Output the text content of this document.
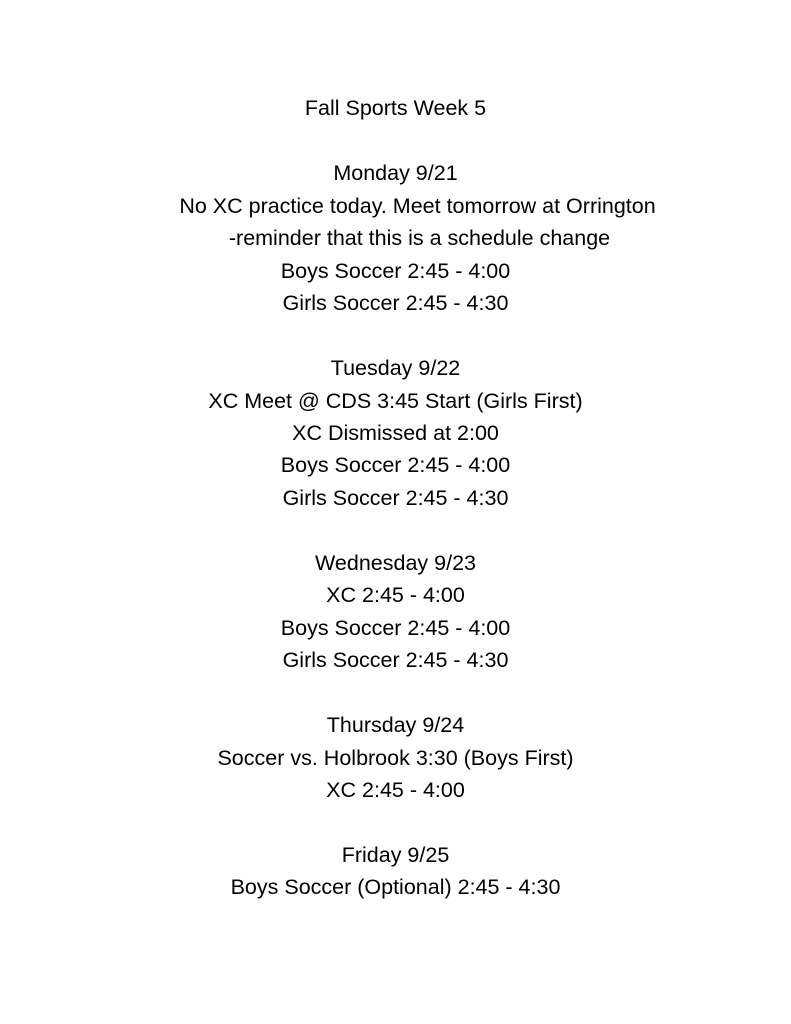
Fall Sports Week 5
Monday 9/21
No XC practice today. Meet tomorrow at Orrington
-reminder that this is a schedule change
Boys Soccer 2:45 - 4:00
Girls Soccer 2:45 - 4:30
Tuesday 9/22
XC Meet @ CDS 3:45 Start (Girls First)
XC Dismissed at 2:00
Boys Soccer 2:45 - 4:00
Girls Soccer 2:45 - 4:30
Wednesday 9/23
XC 2:45 - 4:00
Boys Soccer 2:45 - 4:00
Girls Soccer 2:45 - 4:30
Thursday 9/24
Soccer vs. Holbrook 3:30 (Boys First)
XC 2:45 - 4:00
Friday 9/25
Boys Soccer (Optional) 2:45 - 4:30
